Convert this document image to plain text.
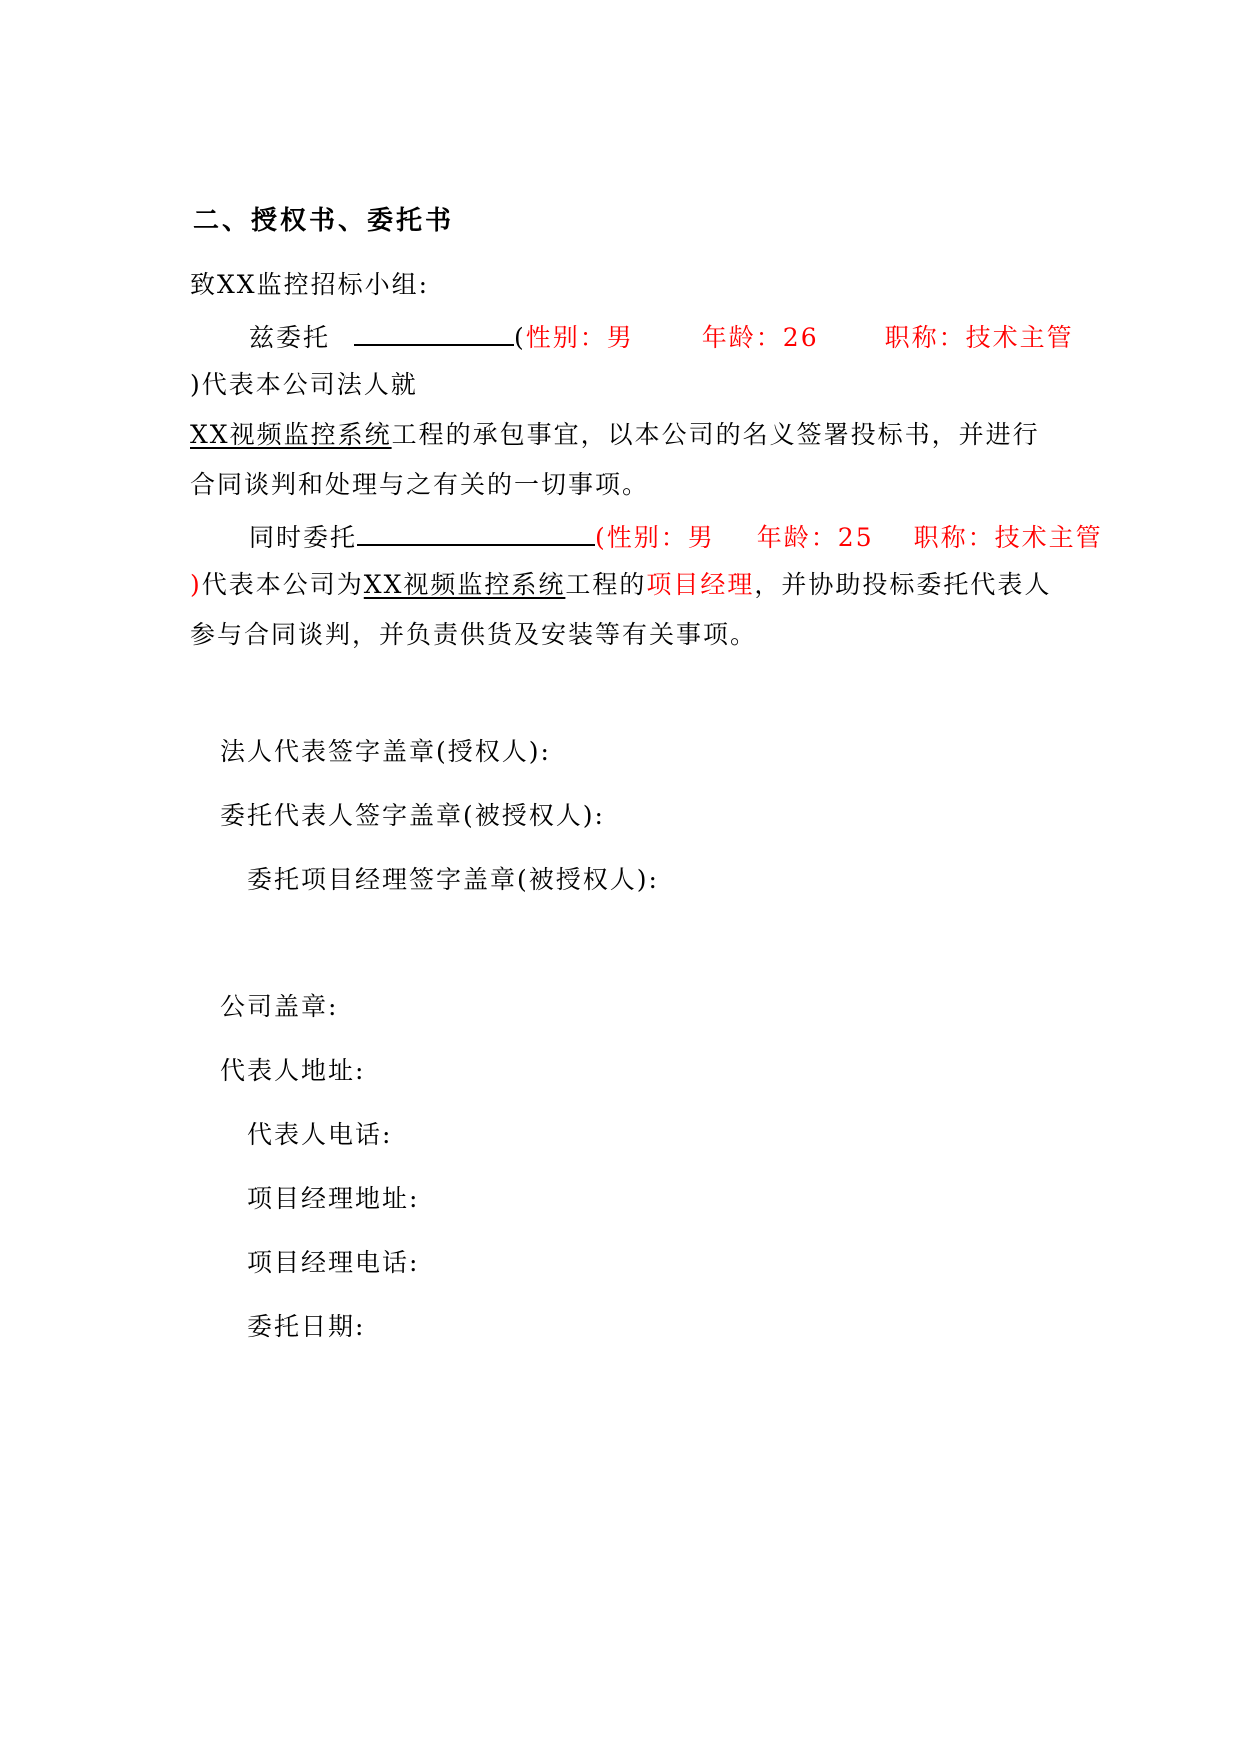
二、授权书、委托书
致XX监控招标小组:
兹委托	(性别：男	年龄：26	职称：技术主管
)代表本公司法人就
XX视频监控系统工程的承包事宜，以本公司的名义签署投标书，并进行
合同谈判和处理与之有关的一切事项。
同时委托	(性别：男 年龄：25 职称：技术主管
)代表本公司为XX视频监控系统工程的项目经理，并协助投标委托代表人
参与合同谈判，并负责供货及安装等有关事项。
法人代表签字盖章(授权人):
委托代表人签字盖章(被授权人):
委托项目经理签字盖章(被授权人):
公司盖章:
代表人地址:
代表人电话:
项目经理地址:
项目经理电话:
委托日期:
